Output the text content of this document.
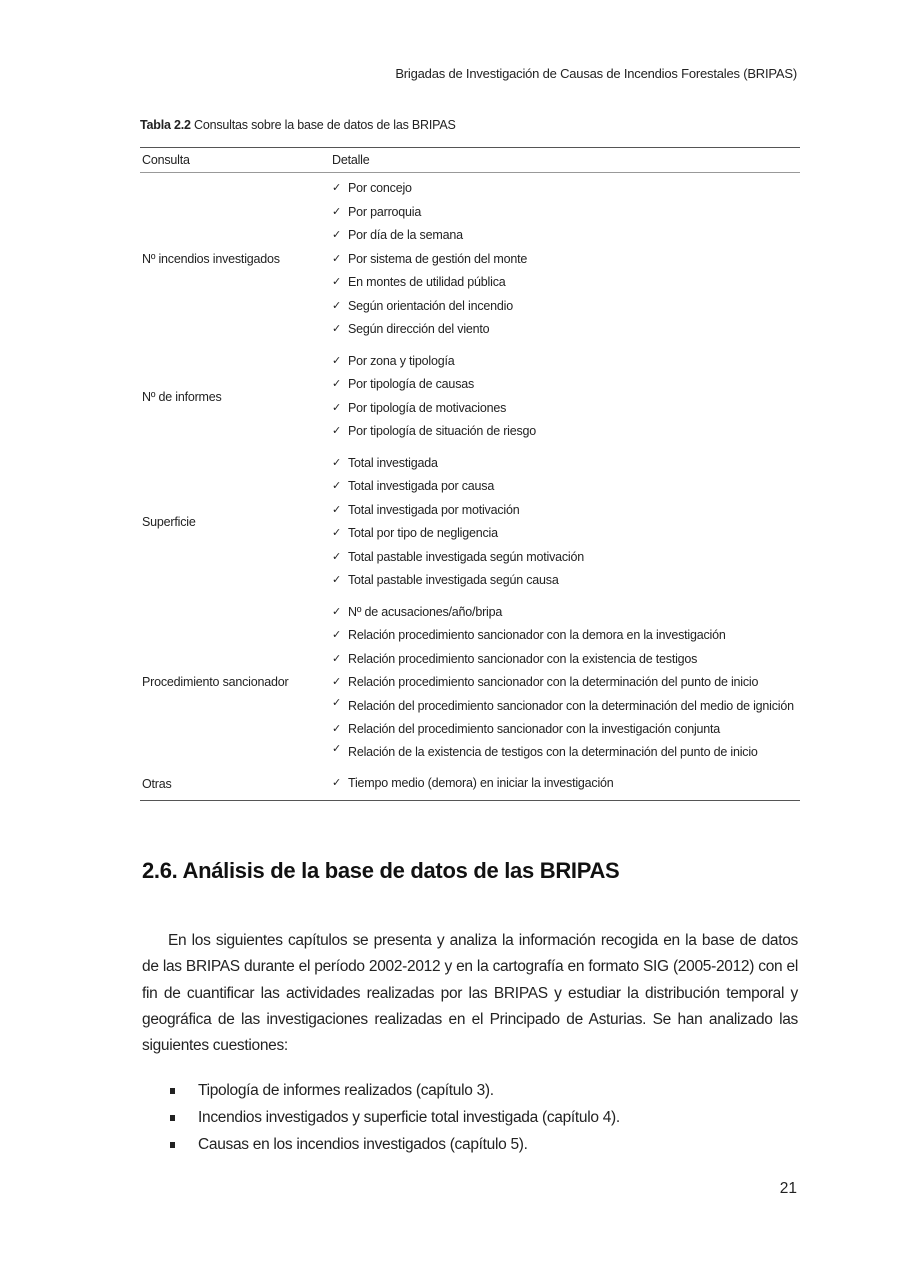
Brigadas de Investigación de Causas de Incendios Forestales (BRIPAS)
Tabla 2.2 Consultas sobre la base de datos de las BRIPAS
Consulta	Detalle
Nº incendios investigados
✓ Por concejo
✓ Por parroquia
✓ Por día de la semana
✓ Por sistema de gestión del monte
✓ En montes de utilidad pública
✓ Según orientación del incendio
✓ Según dirección del viento
Nº de informes
✓ Por zona y tipología
✓ Por tipología de causas
✓ Por tipología de motivaciones
✓ Por tipología de situación de riesgo
Superficie
✓ Total investigada
✓ Total investigada por causa
✓ Total investigada por motivación
✓ Total por tipo de negligencia
✓ Total pastable investigada según motivación
✓ Total pastable investigada según causa
Procedimiento sancionador
✓ Nº de acusaciones/año/bripa
✓ Relación procedimiento sancionador con la demora en la investigación
✓ Relación procedimiento sancionador con la existencia de testigos
✓ Relación procedimiento sancionador con la determinación del punto de inicio
✓ Relación del procedimiento sancionador con la determinación del medio de ignición
✓ Relación del procedimiento sancionador con la investigación conjunta
✓ Relación de la existencia de testigos con la determinación del punto de inicio
Otras	✓ Tiempo medio (demora) en iniciar la investigación
2.6. Análisis de la base de datos de las BRIPAS
En los siguientes capítulos se presenta y analiza la información recogida en la base de datos de las BRIPAS durante el período 2002-2012 y en la cartografía en formato SIG (2005-2012) con el fin de cuantificar las actividades realizadas por las BRIPAS y estudiar la distribución temporal y geográfica de las investigaciones realizadas en el Principado de Asturias. Se han analizado las siguientes cuestiones:
Tipología de informes realizados (capítulo 3).
Incendios investigados y superficie total investigada (capítulo 4).
Causas en los incendios investigados (capítulo 5).
21
